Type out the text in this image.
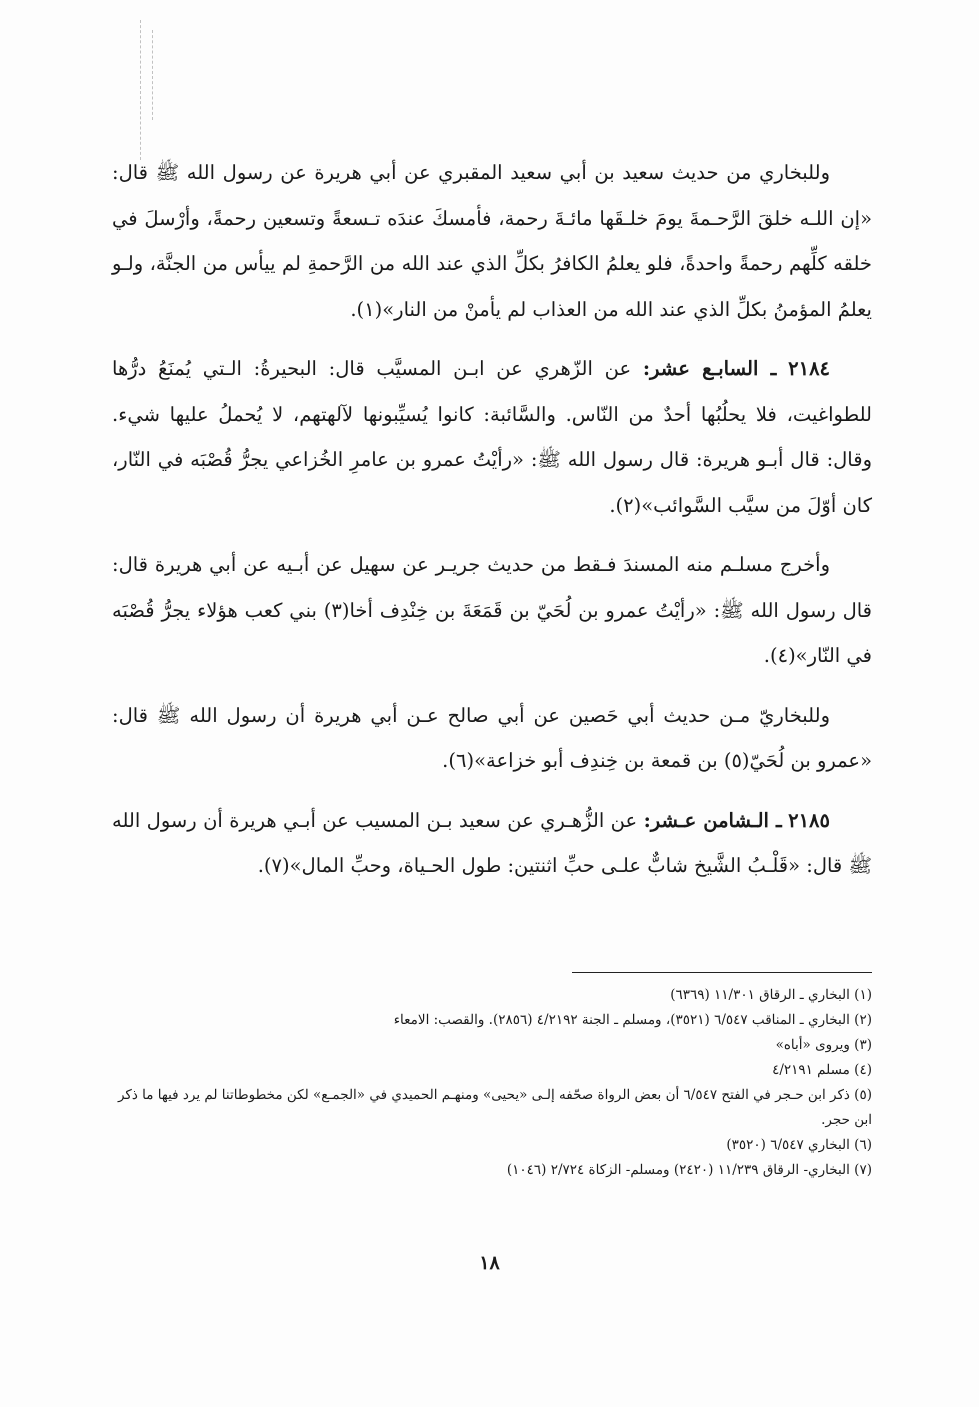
وللبخاري من حديث سعيد بن أبي سعيد المقبري عن أبي هريرة عن رسول الله ﷺ قال: «إن اللـه خلقَ الرَّحـمةَ يومَ خلـقَها مائـةَ رحمة، فأمسكَ عندَه تـسعةً وتسعين رحمةً، وأرْسلَ في خلقه كلِّهم رحمةً واحدةً، فلو يعلمُ الكافرُ بكلِّ الذي عند الله من الرَّحمةِ لم ييأس من الجنَّة، ولـو يعلمُ المؤمنُ بكلِّ الذي عند الله من العذاب لم يأمنْ من النار»(١).

٢١٨٤ ـ السابـع عشر: عن الزّهري عن ابـن المسيَّب قال: البحيرةُ: الـتي يُمنَعُ درُّها للطواغيت، فلا يحلُبُها أحدٌ من النّاس. والسَّائبة: كانوا يُسيِّبونها لآلهتهم، لا يُحملُ عليها شيء. وقال: قال أبـو هريرة: قال رسول الله ﷺ: «رأيْتُ عمرو بن عامرِ الخُزاعي يجرُّ قُصْبَه في النّار، كان أوّلَ من سيَّب السَّوائب»(٢).

وأخرج مسلـم منه المسندَ فـقط من حديث جريـر عن سهيل عن أبـيه عن أبي هريرة قال: قال رسول الله ﷺ: «رأيْتُ عمرو بن لُحَيّ بن قَمَعَةَ بن خِنْدِف أخا(٣) بني كعب هؤلاء يجرُّ قُصْبَه في النّار»(٤).

وللبخاريّ مـن حديث أبي حَصين عن أبي صالح عـن أبي هريرة أن رسول الله ﷺ قال: «عمرو بن لُحَيّ(٥) بن قمعة بن خِندِف أبو خزاعة»(٦).

٢١٨٥ ـ الـشامن عـشر: عن الزُّهـري عن سعيد بـن المسيب عن أبـي هريرة أن رسول الله ﷺ قال: «قَلْـبُ الشَّيخ شابٌّ علـى حبِّ اثنتين: طول الحـياة، وحبِّ المال»(٧).

(١) البخاري ـ الرقاق ١١/٣٠١ (٦٣٦٩)

(٢) البخاري ـ المناقب ٦/٥٤٧ (٣٥٢١)، ومسلم ـ الجنة ٤/٢١٩٢ (٢٨٥٦). والقصب: الامعاء

(٣) ويروى «أباه»

(٤) مسلم ٤/٢١٩١

(٥) ذكر ابن حـجر في الفتح ٦/٥٤٧ أن بعض الرواة صحّفه إلـى «يحيى» ومنهـم الحميدي في «الجمـع» لكن مخطوطاتنا لم يرد فيها ما ذكر ابن حجر.

(٦) البخاري ٦/٥٤٧ (٣٥٢٠)

(٧) البخاري- الرقاق ١١/٢٣٩ (٢٤٢٠) ومسلم- الزكاة ٢/٧٢٤ (١٠٤٦)

١٨
